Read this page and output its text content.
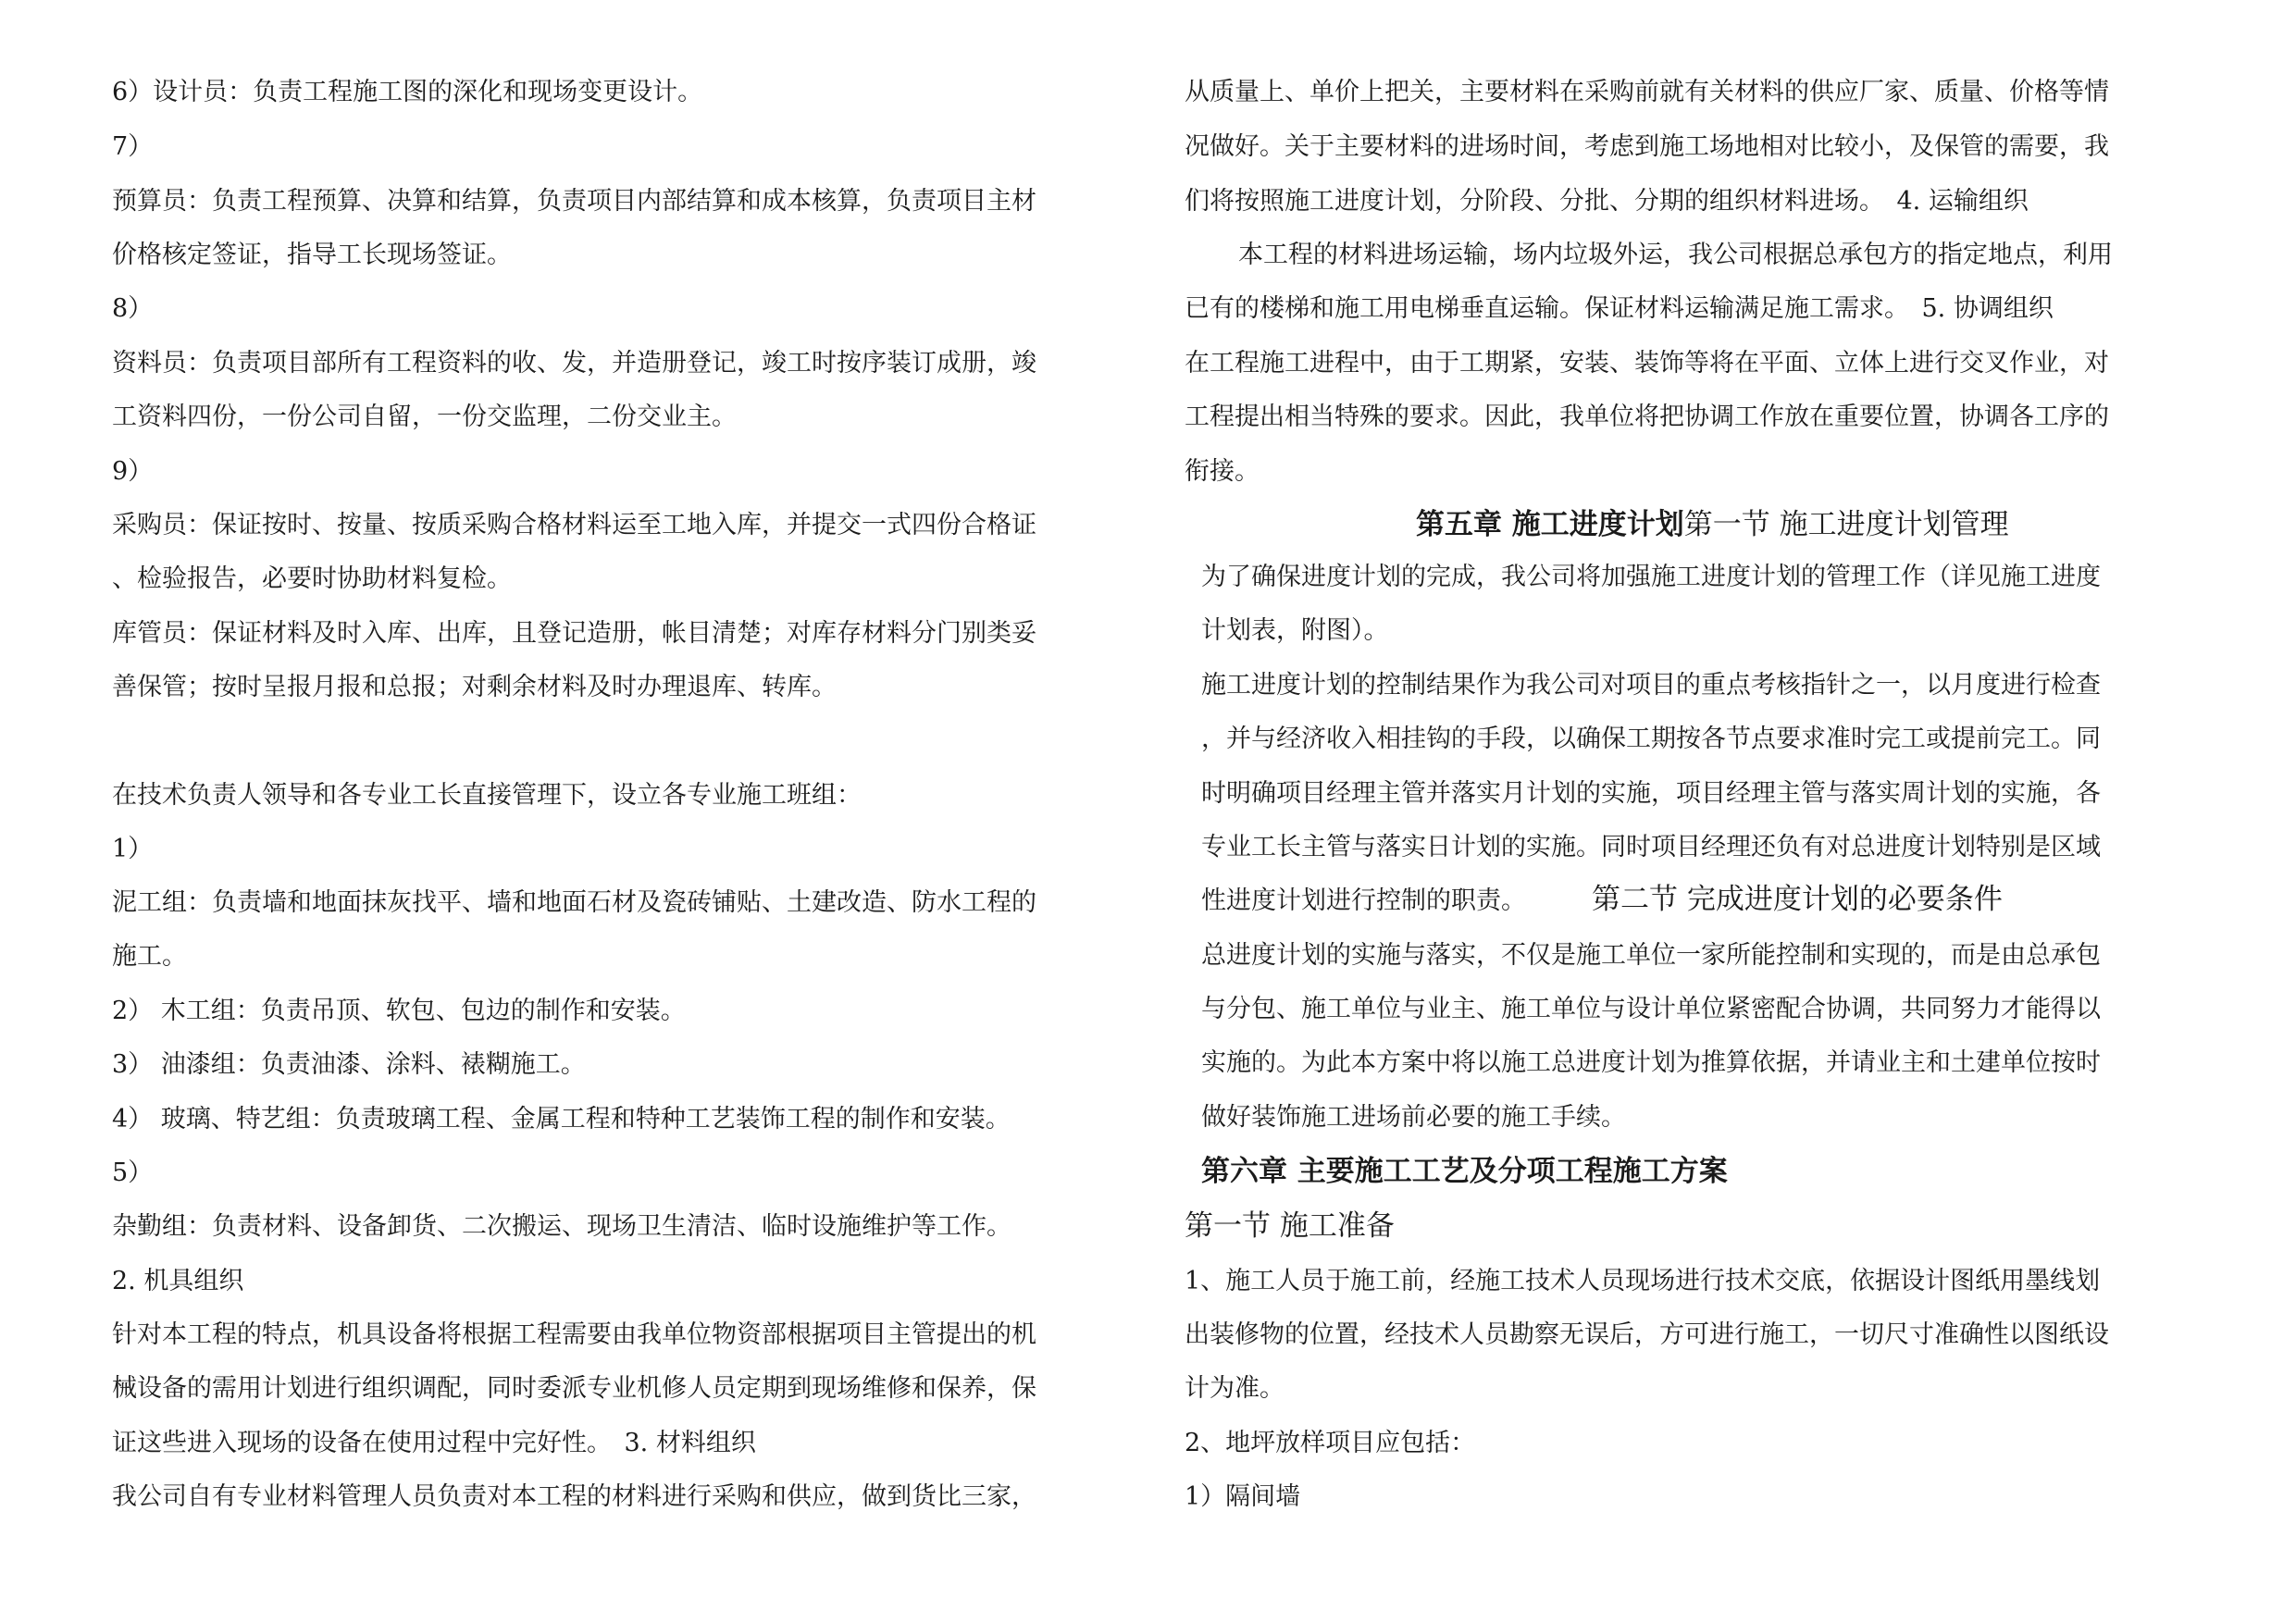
6）设计员：负责工程施工图的深化和现场变更设计。
7）
预算员：负责工程预算、决算和结算，负责项目内部结算和成本核算，负责项目主材
价格核定签证，指导工长现场签证。
8）
资料员：负责项目部所有工程资料的收、发，并造册登记，竣工时按序装订成册，竣
工资料四份，一份公司自留，一份交监理，二份交业主。
9）
采购员：保证按时、按量、按质采购合格材料运至工地入库，并提交一式四份合格证
、检验报告，必要时协助材料复检。
库管员：保证材料及时入库、出库，且登记造册，帐目清楚；对库存材料分门别类妥
善保管；按时呈报月报和总报；对剩余材料及时办理退库、转库。
在技术负责人领导和各专业工长直接管理下，设立各专业施工班组：
1）
泥工组：负责墙和地面抹灰找平、墙和地面石材及瓷砖铺贴、土建改造、防水工程的
施工。
2） 木工组：负责吊顶、软包、包边的制作和安装。
3） 油漆组：负责油漆、涂料、裱糊施工。
4） 玻璃、特艺组：负责玻璃工程、金属工程和特种工艺装饰工程的制作和安装。
5）
杂勤组：负责材料、设备卸货、二次搬运、现场卫生清洁、临时设施维护等工作。
2. 机具组织
针对本工程的特点，机具设备将根据工程需要由我单位物资部根据项目主管提出的机
械设备的需用计划进行组织调配，同时委派专业机修人员定期到现场维修和保养，保
证这些进入现场的设备在使用过程中完好性。　3. 材料组织
我公司自有专业材料管理人员负责对本工程的材料进行采购和供应，做到货比三家，
从质量上、单价上把关，主要材料在采购前就有关材料的供应厂家、质量、价格等情
况做好。关于主要材料的进场时间，考虑到施工场地相对比较小，及保管的需要，我
们将按照施工进度计划，分阶段、分批、分期的组织材料进场。　4. 运输组织
本工程的材料进场运输，场内垃圾外运，我公司根据总承包方的指定地点，利用
已有的楼梯和施工用电梯垂直运输。保证材料运输满足施工需求。　5. 协调组织
在工程施工进程中，由于工期紧，安装、装饰等将在平面、立体上进行交叉作业，对
工程提出相当特殊的要求。因此，我单位将把协调工作放在重要位置，协调各工序的
衔接。
第五章 施工进度计划第一节 施工进度计划管理
为了确保进度计划的完成，我公司将加强施工进度计划的管理工作（详见施工进度
计划表，附图）。
施工进度计划的控制结果作为我公司对项目的重点考核指针之一，以月度进行检查
，并与经济收入相挂钩的手段，以确保工期按各节点要求准时完工或提前完工。同
时明确项目经理主管并落实月计划的实施，项目经理主管与落实周计划的实施，各
专业工长主管与落实日计划的实施。同时项目经理还负有对总进度计划特别是区域
性进度计划进行控制的职责。 第二节 完成进度计划的必要条件
总进度计划的实施与落实，不仅是施工单位一家所能控制和实现的，而是由总承包
与分包、施工单位与业主、施工单位与设计单位紧密配合协调，共同努力才能得以
实施的。为此本方案中将以施工总进度计划为推算依据，并请业主和土建单位按时
做好装饰施工进场前必要的施工手续。
第六章 主要施工工艺及分项工程施工方案
第一节 施工准备
1、施工人员于施工前，经施工技术人员现场进行技术交底，依据设计图纸用墨线划
出装修物的位置，经技术人员勘察无误后，方可进行施工，一切尺寸准确性以图纸设
计为准。
2、地坪放样项目应包括：
1）隔间墙
